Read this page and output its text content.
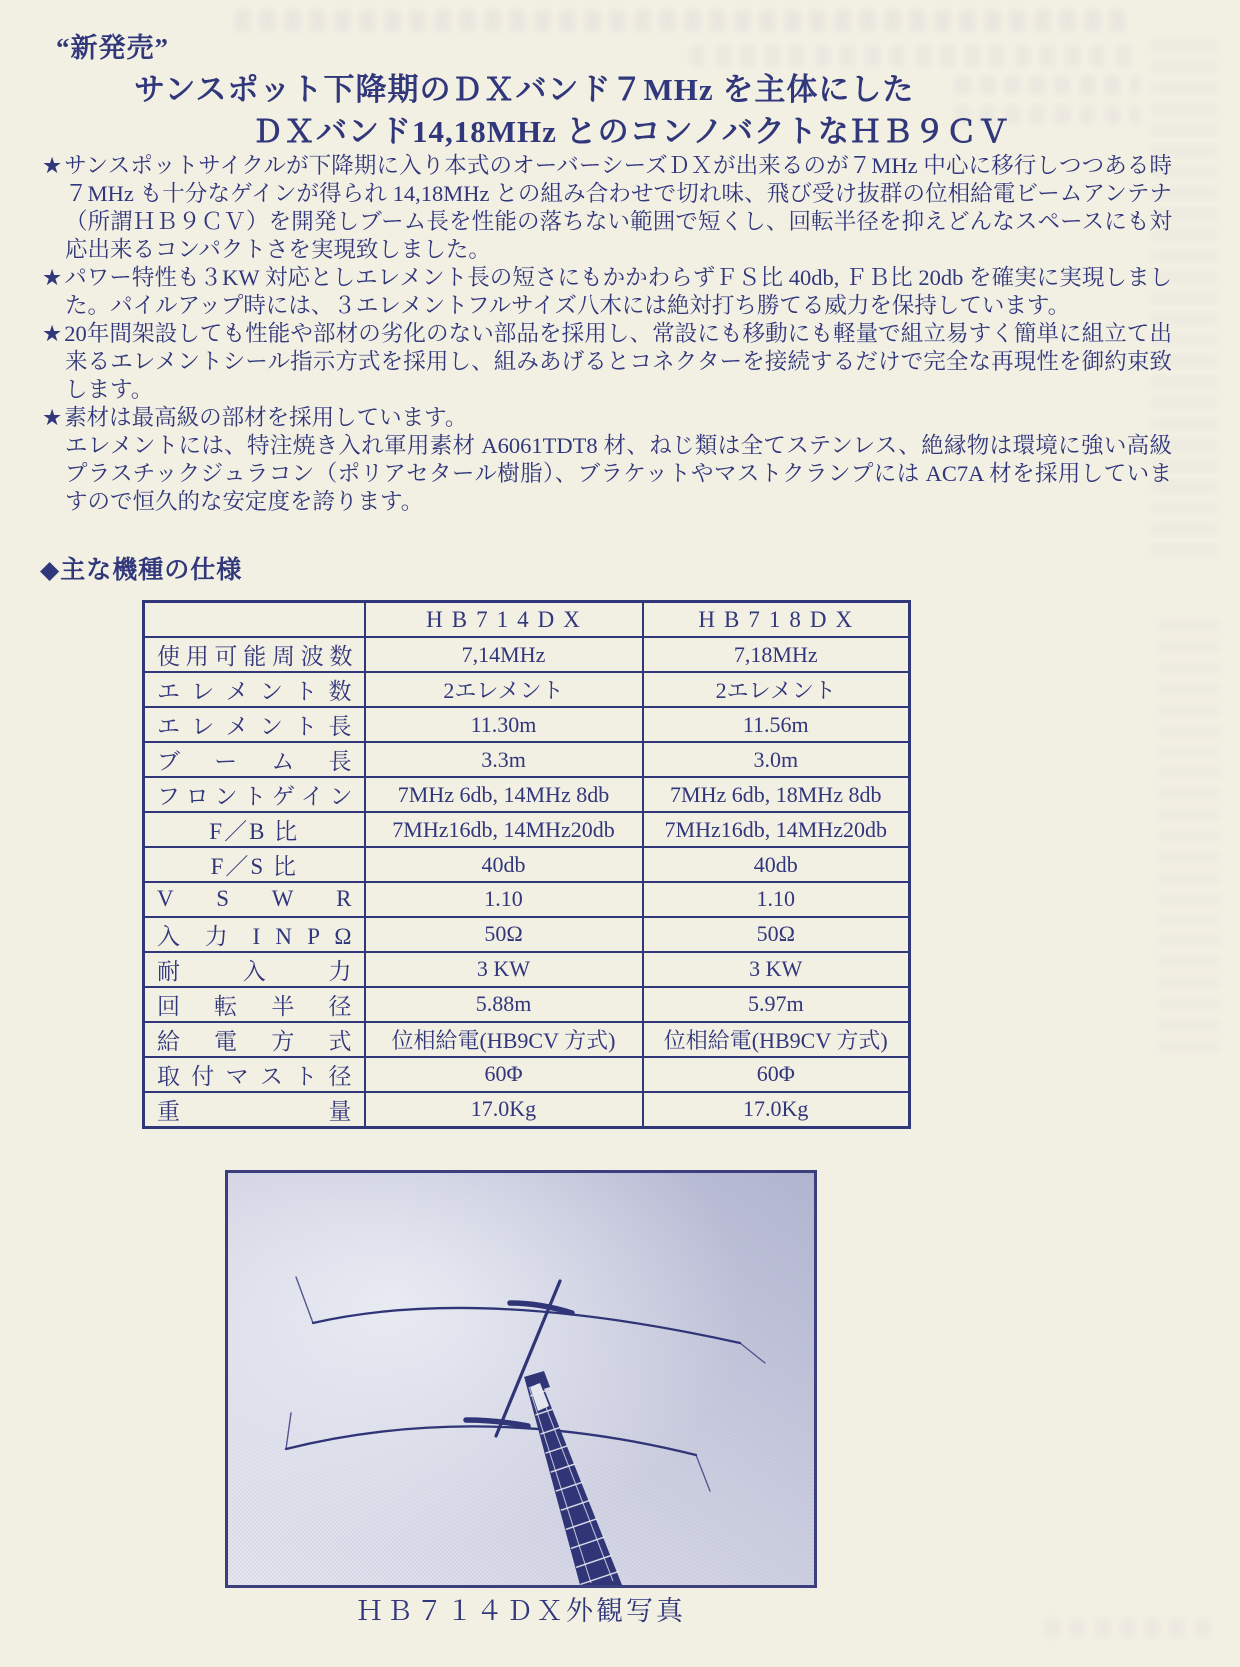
“新発売”
サンスポット下降期のＤＸバンド７MHz を主体にした
ＤＸバンド14,18MHz とのコンノバクトなＨＢ９ＣＶ
★サンスポットサイクルが下降期に入り本式のオーバーシーズＤＸが出来るのが７MHz 中心に移行しつつある時７MHz も十分なゲインが得られ 14,18MHz との組み合わせで切れ味、飛び受け抜群の位相給電ビームアンテナ（所謂ＨＢ９ＣＶ）を開発しブーム長を性能の落ちない範囲で短くし、回転半径を抑えどんなスペースにも対応出来るコンパクトさを実現致しました。
★パワー特性も３KW 対応としエレメント長の短さにもかかわらずＦＳ比 40db, ＦＢ比 20db を確実に実現しました。パイルアップ時には、３エレメントフルサイズ八木には絶対打ち勝てる威力を保持しています。
★20年間架設しても性能や部材の劣化のない部品を採用し、常設にも移動にも軽量で組立易すく簡単に組立て出来るエレメントシール指示方式を採用し、組みあげるとコネクターを接続するだけで完全な再現性を御約束致します。
★素材は最高級の部材を採用しています。
エレメントには、特注焼き入れ軍用素材 A6061TDT8 材、ねじ類は全てステンレス、絶縁物は環境に強い高級プラスチックジュラコン（ポリアセタール樹脂）、ブラケットやマストクランプには AC7A 材を採用していますので恒久的な安定度を誇ります。
◆主な機種の仕様
	HB714DX	HB718DX
使 用 可 能 周 波 数	7,14MHz	7,18MHz
エ レ メ ン ト 数	2エレメント	2エレメント
エ レ メ ン ト 長	11.30m	11.56m
ブ ー ム 長	3.3m	3.0m
フ ロ ン ト ゲ イ ン	7MHz 6db, 14MHz 8db	7MHz 6db, 18MHz 8db
F／B 比	7MHz16db, 14MHz20db	7MHz16db, 14MHz20db
F／S 比	40db	40db
V S W R	1.10	1.10
入 力 I N P Ω	50Ω	50Ω
耐 入 力	3 KW	3 KW
回 転 半 径	5.88m	5.97m
給 電 方 式	位相給電(HB9CV 方式)	位相給電(HB9CV 方式)
取 付 マ ス ト 径	60Φ	60Φ
重 量	17.0Kg	17.0Kg
ＨＢ７１４ＤＸ外観写真
